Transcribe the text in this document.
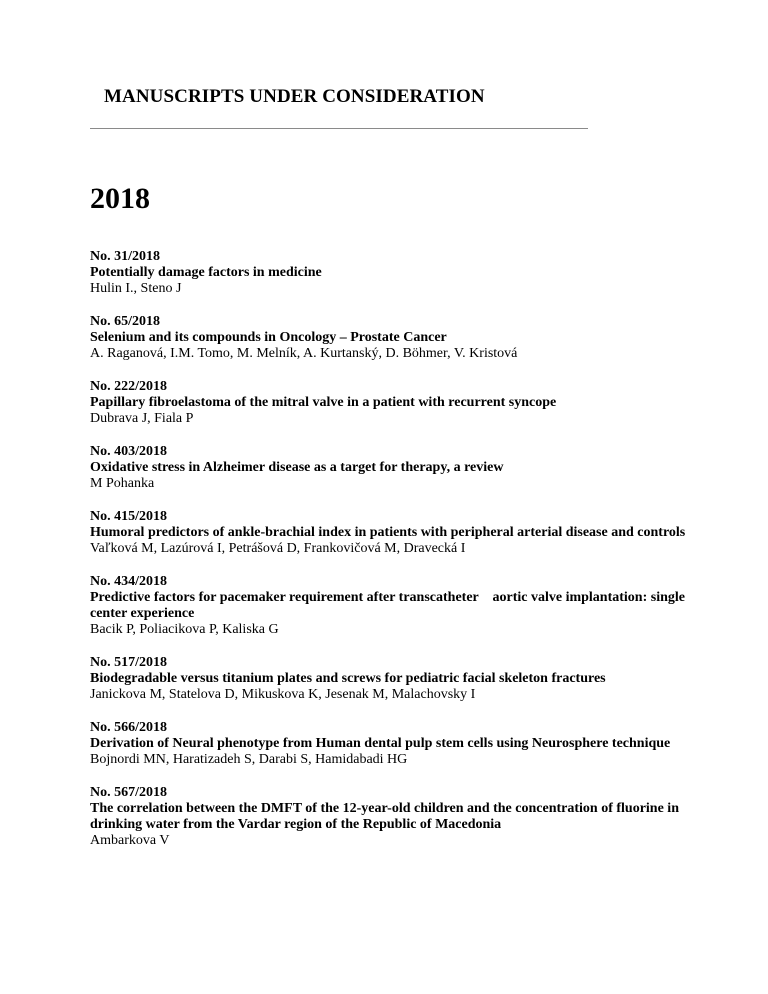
MANUSCRIPTS UNDER CONSIDERATION
2018
No. 31/2018
Potentially damage factors in medicine
Hulin I., Steno J
No. 65/2018
Selenium and its compounds in Oncology – Prostate Cancer
A. Raganová, I.M. Tomo, M. Melník, A. Kurtanský, D. Böhmer, V. Kristová
No. 222/2018
Papillary fibroelastoma of the mitral valve in a patient with recurrent syncope
Dubrava J, Fiala P
No. 403/2018
Oxidative stress in Alzheimer disease as a target for therapy, a review
M Pohanka
No. 415/2018
Humoral predictors of ankle-brachial index in patients with peripheral arterial disease and controls
Vaľková M, Lazúrová I, Petrášová D, Frankovičová M, Dravecká I
No. 434/2018
Predictive factors for pacemaker requirement after transcatheter    aortic valve implantation: single center experience
Bacik P, Poliacikova P, Kaliska G
No. 517/2018
Biodegradable versus titanium plates and screws for pediatric facial skeleton fractures
Janickova M, Statelova D, Mikuskova K, Jesenak M, Malachovsky I
No. 566/2018
Derivation of Neural phenotype from Human dental pulp stem cells using Neurosphere technique
Bojnordi MN, Haratizadeh S, Darabi S, Hamidabadi HG
No. 567/2018
The correlation between the DMFT of the 12-year-old children and the concentration of fluorine in drinking water from the Vardar region of the Republic of Macedonia
Ambarkova V
